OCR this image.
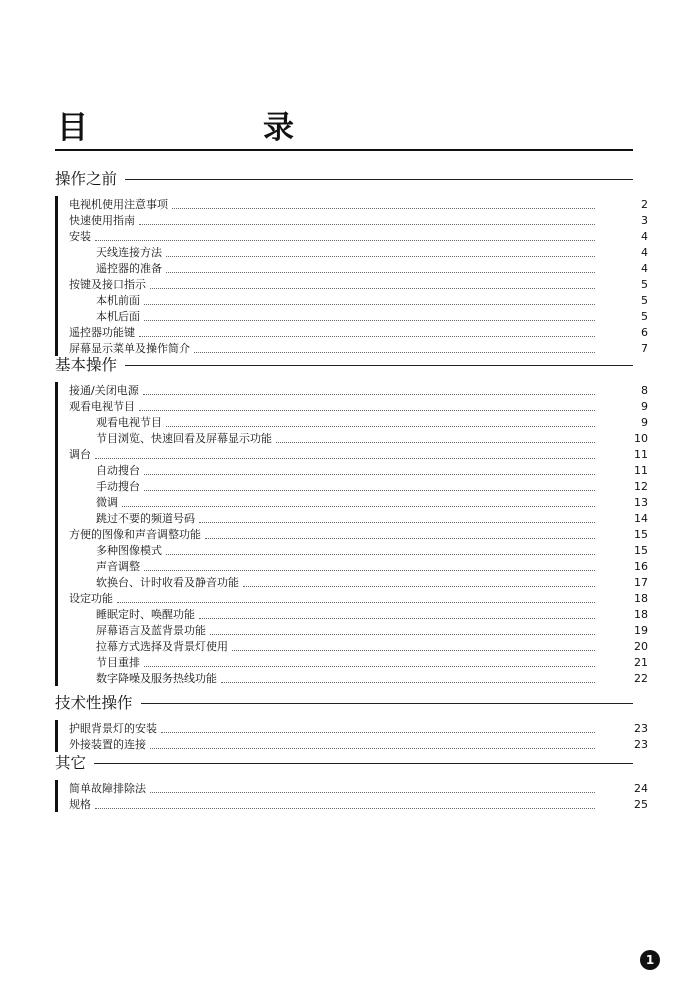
目　录
操作之前
电视机使用注意事项	2
快速使用指南	3
安装	4
天线连接方法	4
遥控器的准备	4
按键及接口指示	5
本机前面	5
本机后面	5
遥控器功能键	6
屏幕显示菜单及操作简介	7
基本操作
接通/关闭电源	8
观看电视节目	9
观看电视节目	9
节目浏览、快速回看及屏幕显示功能	10
调台	11
自动搜台	11
手动搜台	12
微调	13
跳过不要的频道号码	14
方便的图像和声音调整功能	15
多种图像模式	15
声音调整	16
软换台、计时收看及静音功能	17
设定功能	18
睡眠定时、唤醒功能	18
屏幕语言及蓝背景功能	19
拉幕方式选择及背景灯使用	20
节目重排	21
数字降噪及服务热线功能	22
技术性操作
护眼背景灯的安装	23
外接装置的连接	23
其它
简单故障排除法	24
规格	25
1
